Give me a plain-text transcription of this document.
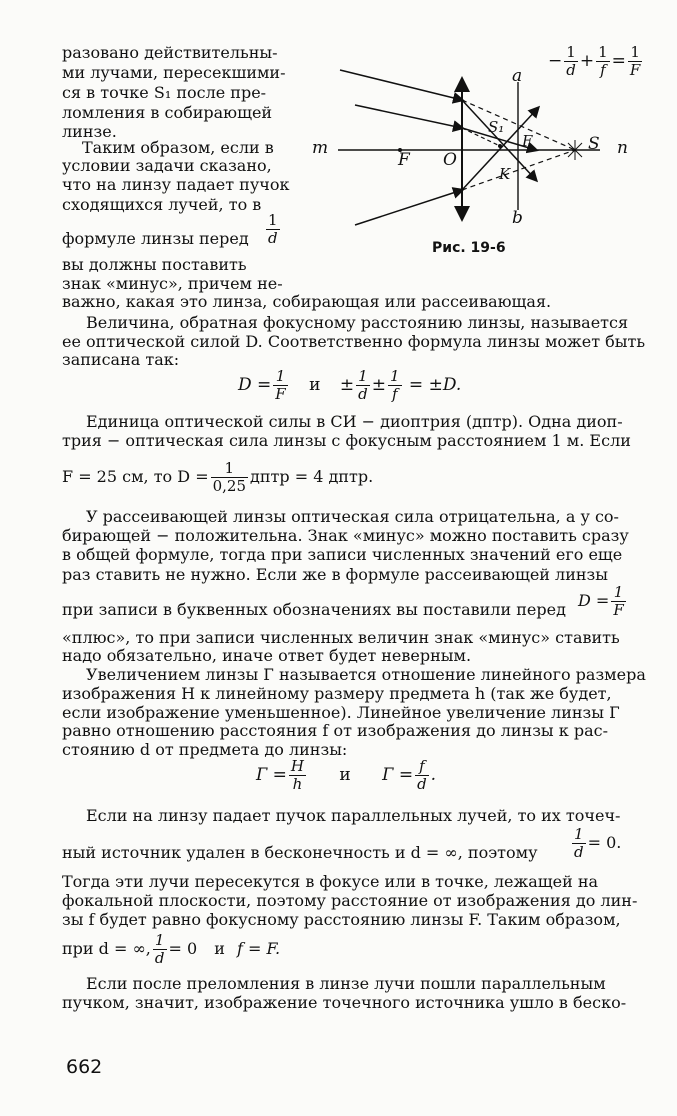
разовано действительны-
ми лучами, пересекшими-
ся в точке S₁ после пре-
ломления в собирающей
линзе.
Таким образом, если в
условии задачи сказано,
что на линзу падает пучок
сходящихся лучей, то в
формуле линзы перед $\frac{1}{d}$
вы должны поставить
знак «минус», причем не-
− $\frac{1}{d} + \frac{1}{f} = \frac{1}{F}$
a
b
m	n
F O
S₁
F
K
S
Рис. 19-6
важно, какая это линза, собирающая или рассеивающая.
Величина, обратная фокусному расстоянию линзы, называется
ее оптической силой D. Соответственно формула линзы может быть
записана так:
$D = \frac{1}{F}$ $и \pm \frac{1}{d} \pm \frac{1}{f} = \pm D$.
Единица оптической силы в СИ − диоптрия (дптр). Одна диоп-
трия − оптическая сила линзы с фокусным расстоянием 1 м. Если
F = 25 см, то $D = \frac{1}{0,25}$ дптр = 4 дптр.
У рассеивающей линзы оптическая сила отрицательна, а у со-
бирающей − положительна. Знак «минус» можно поставить сразу
в общей формуле, тогда при записи численных значений его еще
раз ставить не нужно. Если же в формуле рассеивающей линзы
при записи в буквенных обозначениях вы поставили перед $D = \frac{1}{F}$
«плюс», то при записи численных величин знак «минус» ставить
надо обязательно, иначе ответ будет неверным.
Увеличением линзы Г называется отношение линейного размера
изображения H к линейному размеру предмета h (так же будет,
если изображение уменьшенное). Линейное увеличение линзы Г
равно отношению расстояния f от изображения до линзы к рас-
стоянию d от предмета до линзы:
$Г = \frac{H}{h}$ и $Г = \frac{f}{d}$ .
Если на линзу падает пучок параллельных лучей, то их точеч-
ный источник удален в бесконечность и d = ∞, поэтому $\frac{1}{d} = 0$.
Тогда эти лучи пересекутся в фокусе или в точке, лежащей на
фокальной плоскости, поэтому расстояние от изображения до лин-
зы f будет равно фокусному расстоянию линзы F. Таким образом,
при d = ∞, $\frac{1}{d} = 0$ и f = F.
Если после преломления в линзе лучи пошли параллельным
пучком, значит, изображение точечного источника ушло в беско-
662
